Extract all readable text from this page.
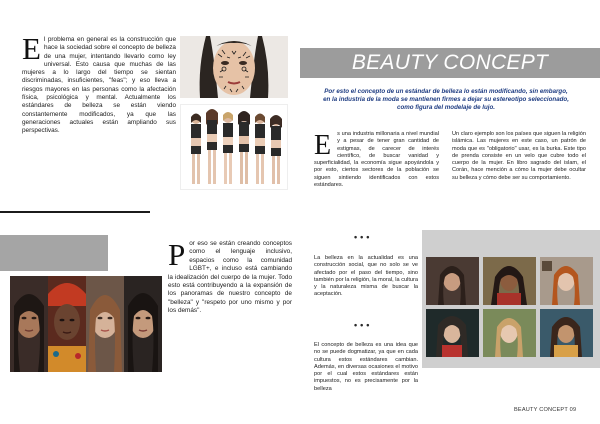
E l problema en general es la construcción que hace la sociedad sobre el concepto de belleza de una mujer, intentando llevarlo como ley universal. Esto causa que muchas de las mujeres a lo largo del tiempo se sientan discriminadas, insuficientes, "feas"; y eso lleva a riesgos mayores en las personas como la afectación física, psicológica y mental. Actualmente los estándares de belleza se están viendo constantemente modificados, ya que las generaciones actuales están ampliando sus perspectivas.
P or eso se están creando conceptos como el lenguaje inclusivo, espacios como la comunidad LGBT+, e incluso está cambiando la idealización del cuerpo de la mujer. Todo esto está contribuyendo a la expansión de los panoramas de nuestro concepto de "belleza" y "respeto por uno mismo y por los demás".
BEAUTY CONCEPT

Por esto el concepto de un estándar de belleza lo están modificando, sin embargo, en la industria de la moda se mantienen firmes a dejar su estereotipo seleccionado, como figura del modelaje de lujo.

E s una industria millonaria a nivel mundial y a pesar de tener gran cantidad de estigmas, de carecer de interés científico, de buscar vanidad y superficialidad, la economía sigue apoyándola y por esto, ciertos sectores de la población se siguen sintiendo identificados con estos estándares.

Un claro ejemplo son los países que siguen la religión islámica. Las mujeres en este caso, un patrón de moda que es "obligatorio" usar, es la burka. Este tipo de prenda consiste en un velo que cubre todo el cuerpo de la mujer. En libro sagrado del islam, el Corán, hace mención a cómo la mujer debe ocultar su belleza y cómo debe ser su comportamiento.

•••

La belleza en la actualidad es una construcción social, que no solo se ve afectado por el paso del tiempo, sino también por la religión, la moral, la cultura y la naturaleza misma de buscar la aceptación.

•••

El concepto de belleza es una idea que no se puede dogmatizar, ya que en cada cultura estos estándares cambian. Además, en diversas ocasiones el motivo por el cual estos estándares están impuestos, no es precisamente por la belleza

BEAUTY CONCEPT 09
